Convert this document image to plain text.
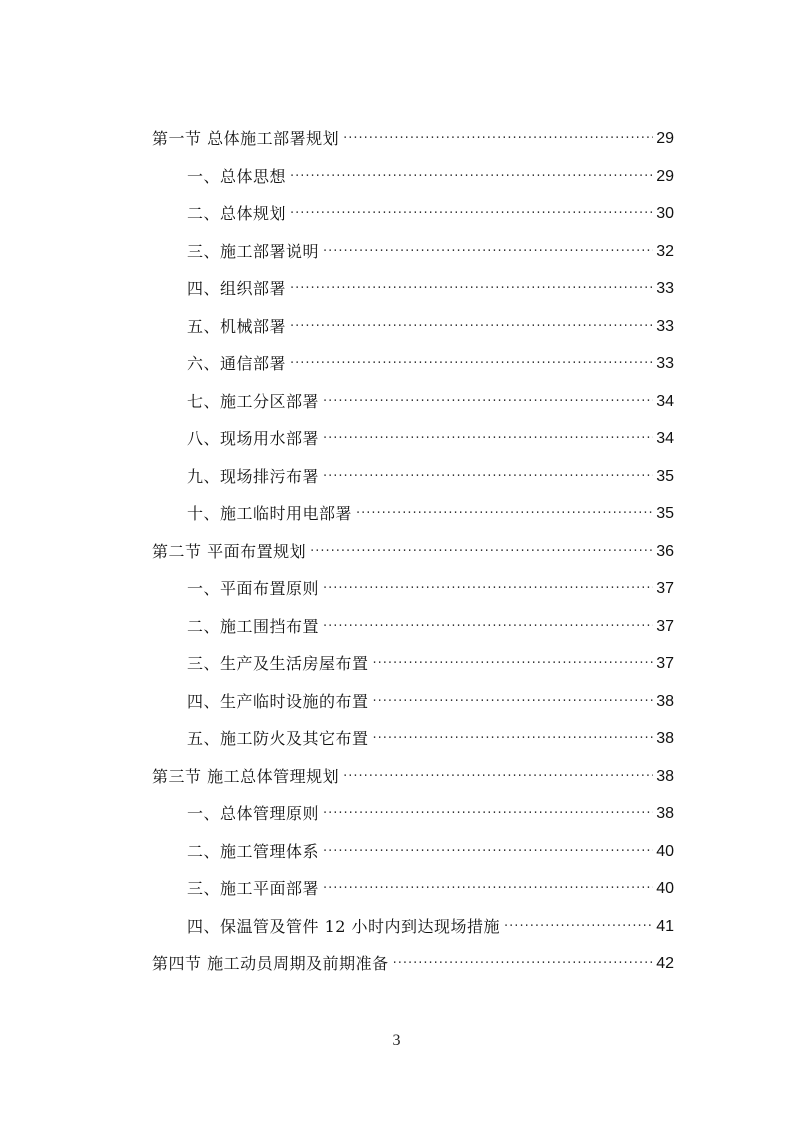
第一节 总体施工部署规划 ·····	29
一、总体思想 ·····	29
二、总体规划 ·····	30
三、施工部署说明 ·····	32
四、组织部署 ·····	33
五、机械部署 ·····	33
六、通信部署 ·····	33
七、施工分区部署 ·····	34
八、现场用水部署 ·····	34
九、现场排污布署 ·····	35
十、施工临时用电部署 ·····	35
第二节 平面布置规划 ·····	36
一、平面布置原则 ·····	37
二、施工围挡布置 ·····	37
三、生产及生活房屋布置 ·····	37
四、生产临时设施的布置 ·····	38
五、施工防火及其它布置 ·····	38
第三节 施工总体管理规划 ·····	38
一、总体管理原则 ·····	38
二、施工管理体系 ·····	40
三、施工平面部署 ·····	40
四、保温管及管件 12 小时内到达现场措施 ·····	41
第四节 施工动员周期及前期准备 ·····	42
3
